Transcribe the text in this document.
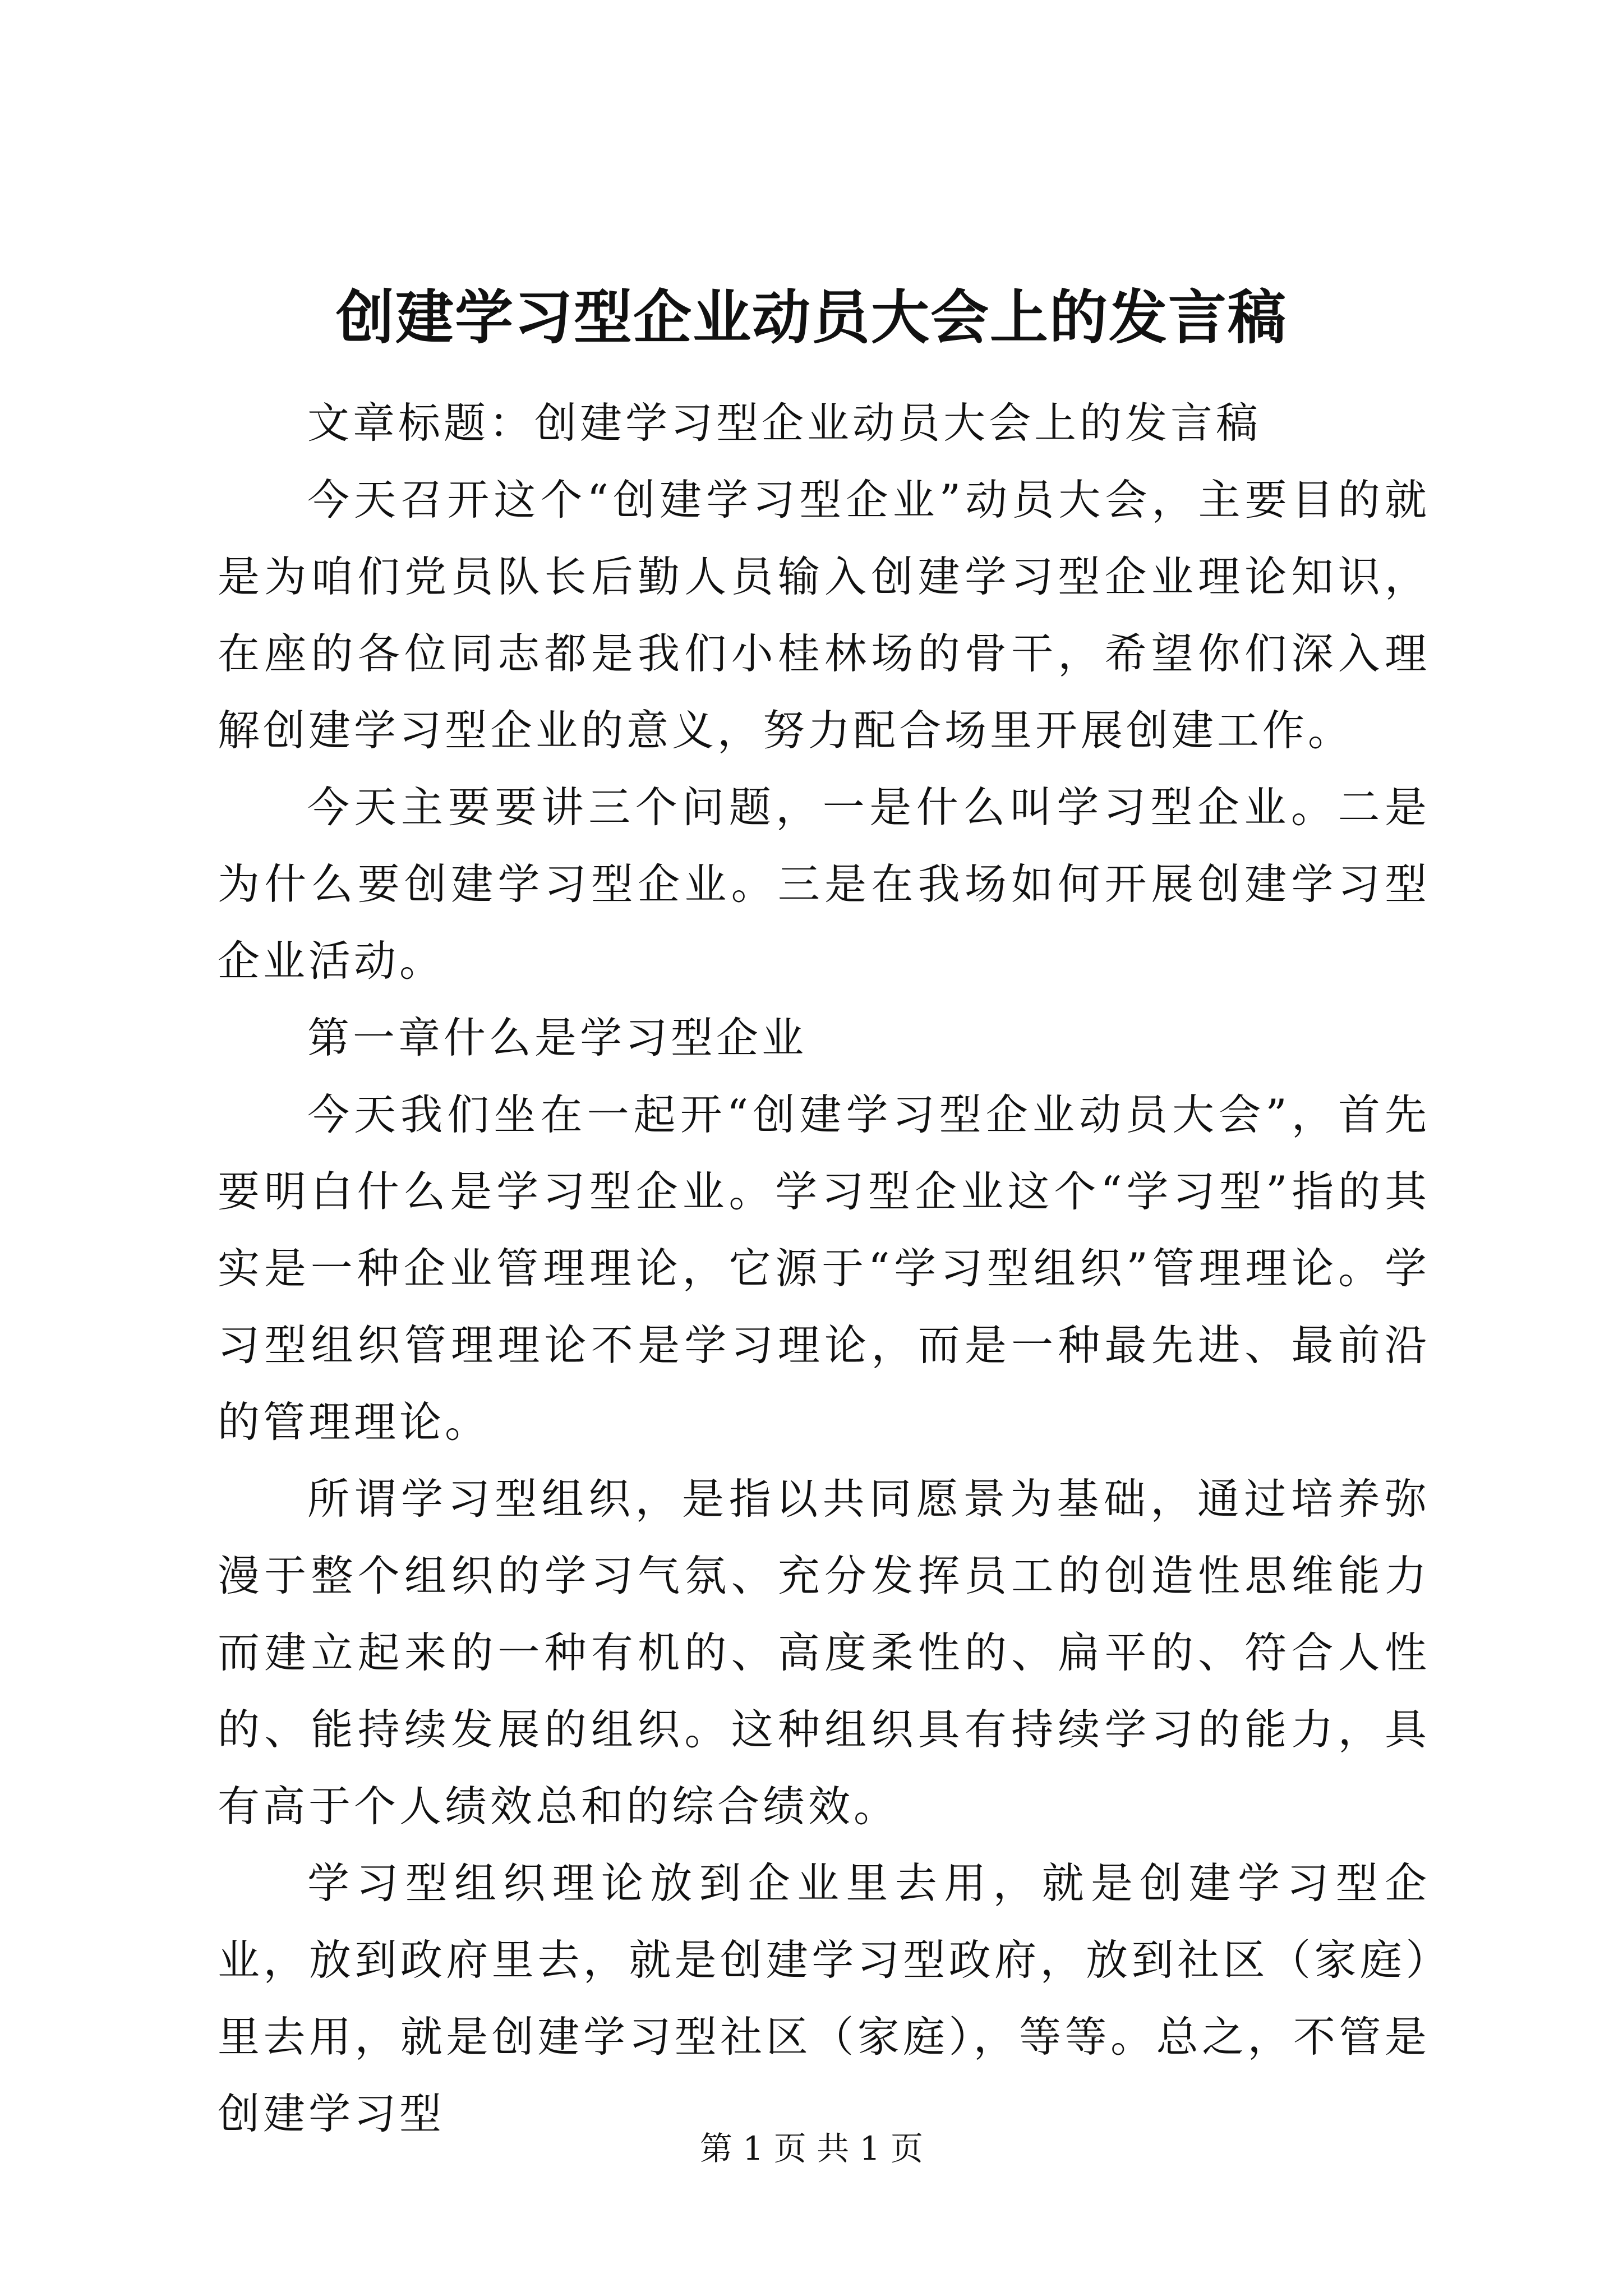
创建学习型企业动员大会上的发言稿

文章标题：创建学习型企业动员大会上的发言稿

今天召开这个“创建学习型企业”动员大会，主要目的就是为咱们党员队长后勤人员输入创建学习型企业理论知识，在座的各位同志都是我们小桂林场的骨干，希望你们深入理解创建学习型企业的意义，努力配合场里开展创建工作。

今天主要要讲三个问题，一是什么叫学习型企业。二是为什么要创建学习型企业。三是在我场如何开展创建学习型企业活动。

第一章什么是学习型企业

今天我们坐在一起开“创建学习型企业动员大会”，首先要明白什么是学习型企业。学习型企业这个“学习型”指的其实是一种企业管理理论，它源于“学习型组织”管理理论。学习型组织管理理论不是学习理论，而是一种最先进、最前沿的管理理论。

所谓学习型组织，是指以共同愿景为基础，通过培养弥漫于整个组织的学习气氛、充分发挥员工的创造性思维能力而建立起来的一种有机的、高度柔性的、扁平的、符合人性的、能持续发展的组织。这种组织具有持续学习的能力，具有高于个人绩效总和的综合绩效。

学习型组织理论放到企业里去用，就是创建学习型企业，放到政府里去，就是创建学习型政府，放到社区（家庭）里去用，就是创建学习型社区（家庭），等等。总之，不管是创建学习型

第 1 页 共 1 页
